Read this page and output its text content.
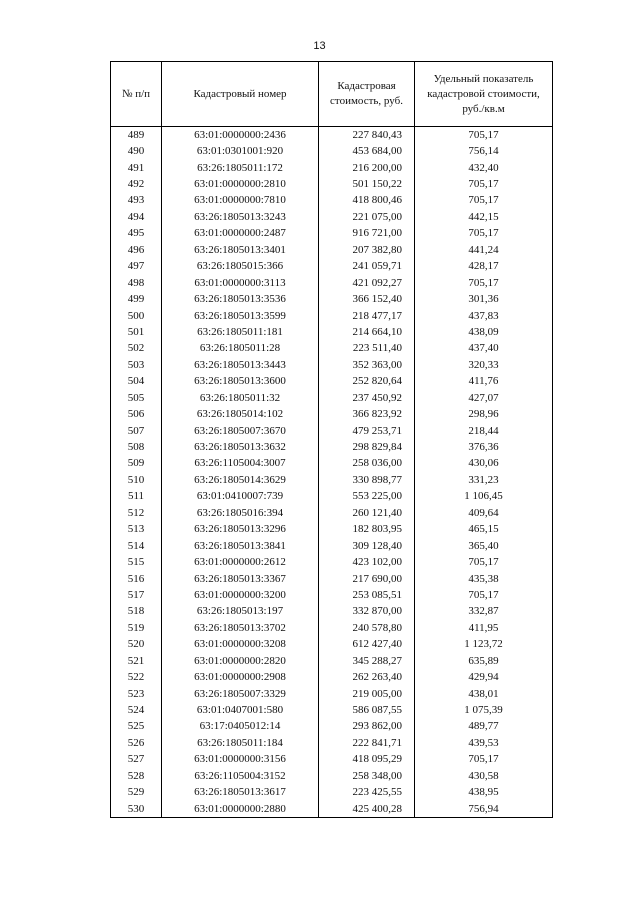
13
№ п/п	Кадастровый номер	Кадастровая стоимость, руб.	Удельный показатель кадастровой стоимости, руб./кв.м
489	63:01:0000000:2436	227 840,43	705,17
490	63:01:0301001:920	453 684,00	756,14
491	63:26:1805011:172	216 200,00	432,40
492	63:01:0000000:2810	501 150,22	705,17
493	63:01:0000000:7810	418 800,46	705,17
494	63:26:1805013:3243	221 075,00	442,15
495	63:01:0000000:2487	916 721,00	705,17
496	63:26:1805013:3401	207 382,80	441,24
497	63:26:1805015:366	241 059,71	428,17
498	63:01:0000000:3113	421 092,27	705,17
499	63:26:1805013:3536	366 152,40	301,36
500	63:26:1805013:3599	218 477,17	437,83
501	63:26:1805011:181	214 664,10	438,09
502	63:26:1805011:28	223 511,40	437,40
503	63:26:1805013:3443	352 363,00	320,33
504	63:26:1805013:3600	252 820,64	411,76
505	63:26:1805011:32	237 450,92	427,07
506	63:26:1805014:102	366 823,92	298,96
507	63:26:1805007:3670	479 253,71	218,44
508	63:26:1805013:3632	298 829,84	376,36
509	63:26:1105004:3007	258 036,00	430,06
510	63:26:1805014:3629	330 898,77	331,23
511	63:01:0410007:739	553 225,00	1 106,45
512	63:26:1805016:394	260 121,40	409,64
513	63:26:1805013:3296	182 803,95	465,15
514	63:26:1805013:3841	309 128,40	365,40
515	63:01:0000000:2612	423 102,00	705,17
516	63:26:1805013:3367	217 690,00	435,38
517	63:01:0000000:3200	253 085,51	705,17
518	63:26:1805013:197	332 870,00	332,87
519	63:26:1805013:3702	240 578,80	411,95
520	63:01:0000000:3208	612 427,40	1 123,72
521	63:01:0000000:2820	345 288,27	635,89
522	63:01:0000000:2908	262 263,40	429,94
523	63:26:1805007:3329	219 005,00	438,01
524	63:01:0407001:580	586 087,55	1 075,39
525	63:17:0405012:14	293 862,00	489,77
526	63:26:1805011:184	222 841,71	439,53
527	63:01:0000000:3156	418 095,29	705,17
528	63:26:1105004:3152	258 348,00	430,58
529	63:26:1805013:3617	223 425,55	438,95
530	63:01:0000000:2880	425 400,28	756,94
